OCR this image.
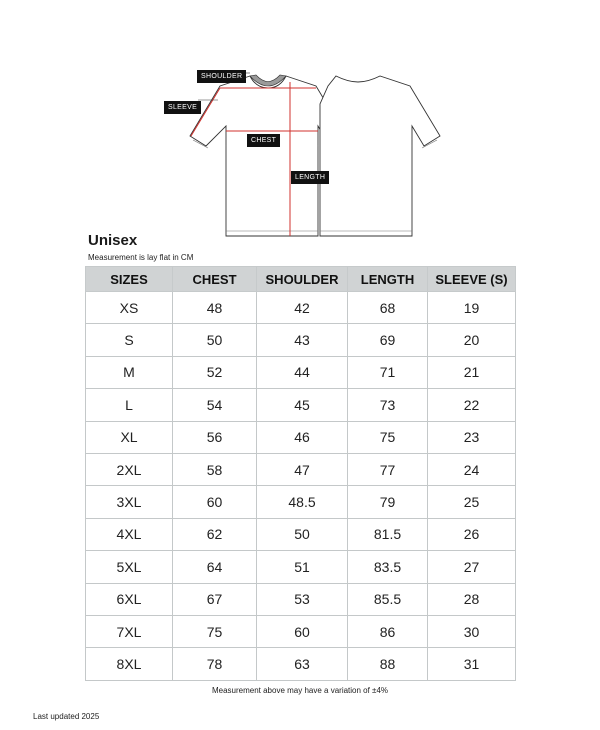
SHOULDER
SLEEVE
CHEST
LENGTH
Unisex
Measurement is lay flat in CM
SIZES	CHEST	SHOULDER	LENGTH	SLEEVE (S)
XS	48	42	68	19
S	50	43	69	20
M	52	44	71	21
L	54	45	73	22
XL	56	46	75	23
2XL	58	47	77	24
3XL	60	48.5	79	25
4XL	62	50	81.5	26
5XL	64	51	83.5	27
6XL	67	53	85.5	28
7XL	75	60	86	30
8XL	78	63	88	31
Measurement above may have a variation of ±4%
Last updated 2025
